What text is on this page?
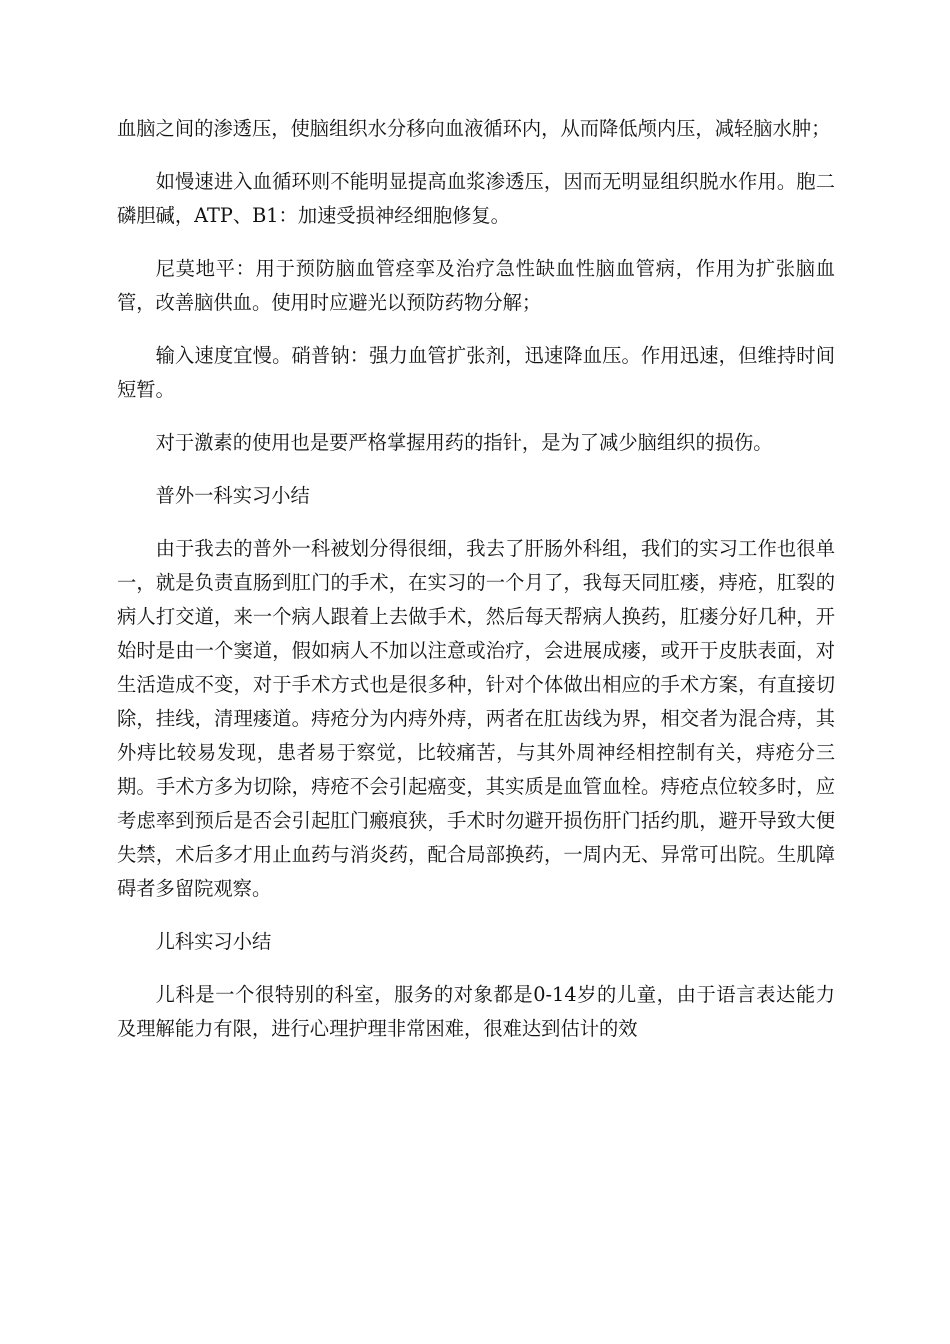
血脑之间的渗透压，使脑组织水分移向血液循环内，从而降低颅内压，减轻脑水肿；

如慢速进入血循环则不能明显提高血浆渗透压，因而无明显组织脱水作用。胞二磷胆碱，ATP、B1：加速受损神经细胞修复。

尼莫地平：用于预防脑血管痉挛及治疗急性缺血性脑血管病，作用为扩张脑血管，改善脑供血。使用时应避光以预防药物分解；

输入速度宜慢。硝普钠：强力血管扩张剂，迅速降血压。作用迅速，但维持时间短暂。

对于激素的使用也是要严格掌握用药的指针，是为了减少脑组织的损伤。

普外一科实习小结

由于我去的普外一科被划分得很细，我去了肝肠外科组，我们的实习工作也很单一，就是负责直肠到肛门的手术，在实习的一个月了，我每天同肛瘘，痔疮，肛裂的病人打交道，来一个病人跟着上去做手术，然后每天帮病人换药，肛瘘分好几种，开始时是由一个窦道，假如病人不加以注意或治疗，会进展成瘘，或开于皮肤表面，对生活造成不变，对于手术方式也是很多种，针对个体做出相应的手术方案，有直接切除，挂线，清理瘘道。痔疮分为内痔外痔，两者在肛齿线为界，相交者为混合痔，其外痔比较易发现，患者易于察觉，比较痛苦，与其外周神经相控制有关，痔疮分三期。手术方多为切除，痔疮不会引起癌变，其实质是血管血栓。痔疮点位较多时，应考虑率到预后是否会引起肛门瘢痕狭，手术时勿避开损伤肝门括约肌，避开导致大便失禁，术后多才用止血药与消炎药，配合局部换药，一周内无、异常可出院。生肌障碍者多留院观察。

儿科实习小结

儿科是一个很特别的科室，服务的对象都是0-14岁的儿童，由于语言表达能力及理解能力有限，进行心理护理非常困难，很难达到估计的效
